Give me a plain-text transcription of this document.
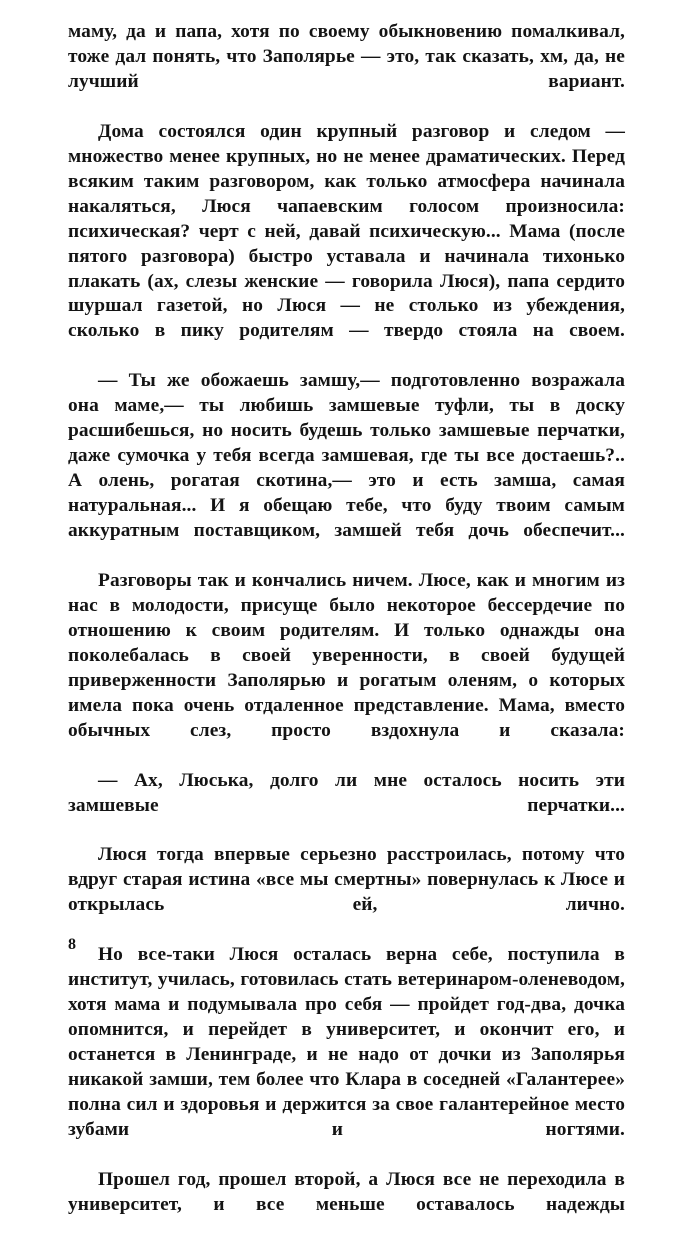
маму, да и папа, хотя по своему обыкновению помалкивал, тоже дал понять, что Заполярье — это, так сказать, хм, да, не лучший вариант.

Дома состоялся один крупный разговор и следом — множество менее крупных, но не менее драматических. Перед всяким таким разговором, как только атмосфера начинала накаляться, Люся чапаевским голосом произносила: психическая? черт с ней, давай психическую... Мама (после пятого разговора) быстро уставала и начинала тихонько плакать (ах, слезы женские — говорила Люся), папа сердито шуршал газетой, но Люся — не столько из убеждения, сколько в пику родителям — твердо стояла на своем.

— Ты же обожаешь замшу,— подготовленно возражала она маме,— ты любишь замшевые туфли, ты в доску расшибешься, но носить будешь только замшевые перчатки, даже сумочка у тебя всегда замшевая, где ты все достаешь?.. А олень, рогатая скотина,— это и есть замша, самая натуральная... И я обещаю тебе, что буду твоим самым аккуратным поставщиком, замшей тебя дочь обеспечит...

Разговоры так и кончались ничем. Люсе, как и многим из нас в молодости, присуще было некоторое бессердечие по отношению к своим родителям. И только однажды она поколебалась в своей уверенности, в своей будущей приверженности Заполярью и рогатым оленям, о которых имела пока очень отдаленное представление. Мама, вместо обычных слез, просто вздохнула и сказала:

— Ах, Люська, долго ли мне осталось носить эти замшевые перчатки...

Люся тогда впервые серьезно расстроилась, потому что вдруг старая истина «все мы смертны» повернулась к Люсе и открылась ей, лично.

Но все-таки Люся осталась верна себе, поступила в институт, училась, готовилась стать ветеринаром-оленеводом, хотя мама и подумывала про себя — пройдет год-два, дочка опомнится, и перейдет в университет, и окончит его, и останется в Ленинграде, и не надо от дочки из Заполярья никакой замши, тем более что Клара в соседней «Галантерее» полна сил и здоровья и держится за свое галантерейное место зубами и ногтями.

Прошел год, прошел второй, а Люся все не переходила в университет, и все меньше оставалось надежды

8
